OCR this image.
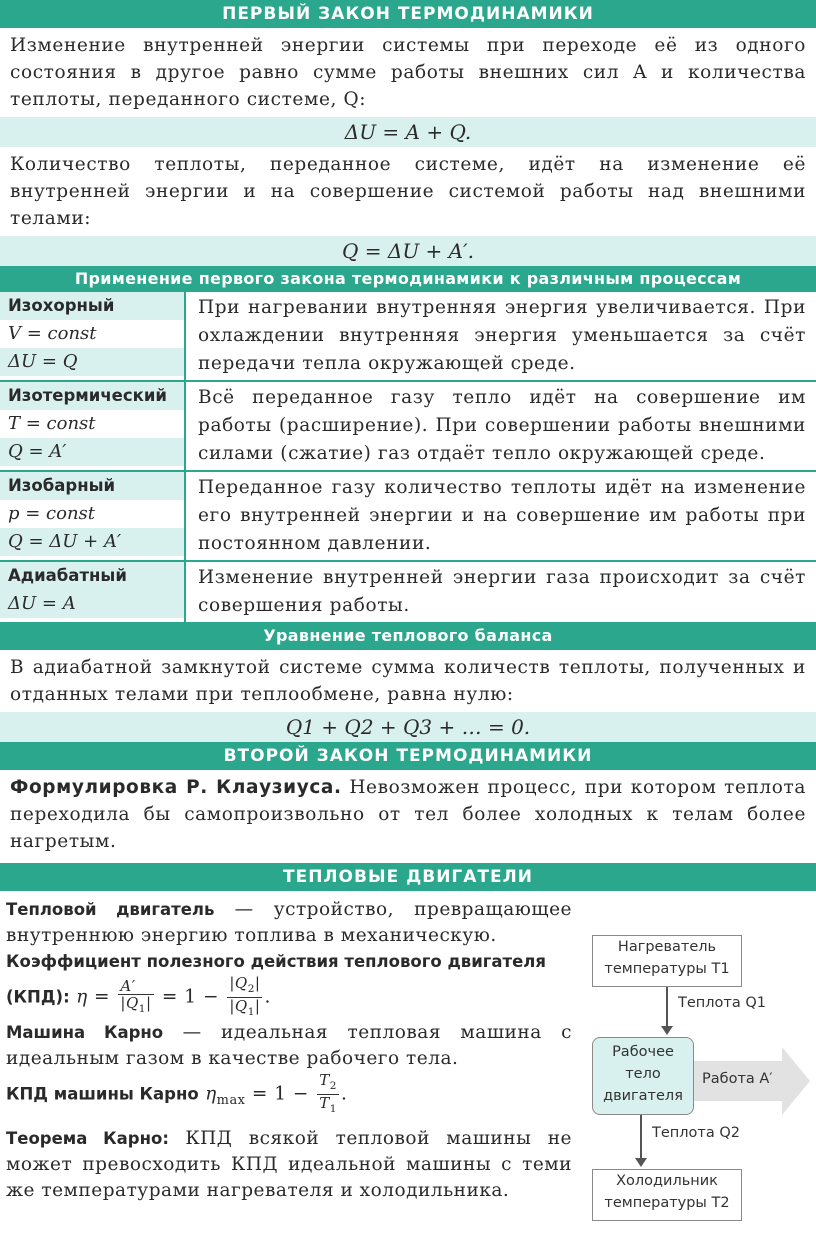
ПЕРВЫЙ ЗАКОН ТЕРМОДИНАМИКИ

Изменение внутренней энергии системы при переходе её из одного состояния в другое равно сумме работы внешних сил A и количества теплоты, переданного системе, Q:

ΔU = A + Q.

Количество теплоты, переданное системе, идёт на изменение её внутренней энергии и на совершение системой работы над внешними телами:

Q = ΔU + A′.
Применение первого закона термодинамики к различным процессам
Изохорный
V = const
ΔU = Q
При нагревании внутренняя энергия увеличивается. При охлаждении внутренняя энергия уменьшается за счёт передачи тепла окружающей среде.
Изотермический
T = const
Q = A′
Всё переданное газу тепло идёт на совершение им работы (расширение). При совершении работы внешними силами (сжатие) газ отдаёт тепло окружающей среде.
Изобарный
p = const
Q = ΔU + A′
Переданное газу количество теплоты идёт на изменение его внутренней энергии и на совершение им работы при постоянном давлении.
Адиабатный
ΔU = A
Изменение внутренней энергии газа происходит за счёт совершения работы.
Уравнение теплового баланса

В адиабатной замкнутой системе сумма количеств теплоты, полученных и отданных телами при теплообмене, равна нулю:

Q1 + Q2 + Q3 + … = 0.
ВТОРОЙ ЗАКОН ТЕРМОДИНАМИКИ

Формулировка Р. Клаузиуса. Невозможен процесс, при котором теплота переходила бы самопроизвольно от тел более холодных к телам более нагретым.

ТЕПЛОВЫЕ ДВИГАТЕЛИ

Тепловой двигатель — устройство, превращающее внутреннюю энергию топлива в механическую.

Коэффициент полезного действия теплового двигателя

(КПД): $\eta = \frac{A'}{|Q_1|} = 1 - \frac{|Q_2|}{|Q_1|}$ .

Машина Карно — идеальная тепловая машина с идеальным газом в качестве рабочего тела.

КПД машины Карно $\eta_{max} = 1 - \frac{T_2}{T_1}$ .

Теорема Карно: КПД всякой тепловой машины не может превосходить КПД идеальной машины с теми же температурами нагревателя и холодильника.

Нагреватель
температуры T1
Теплота Q1
Работа A′
Рабочее
тело
двигателя
Теплота Q2
Холодильник
температуры T2
